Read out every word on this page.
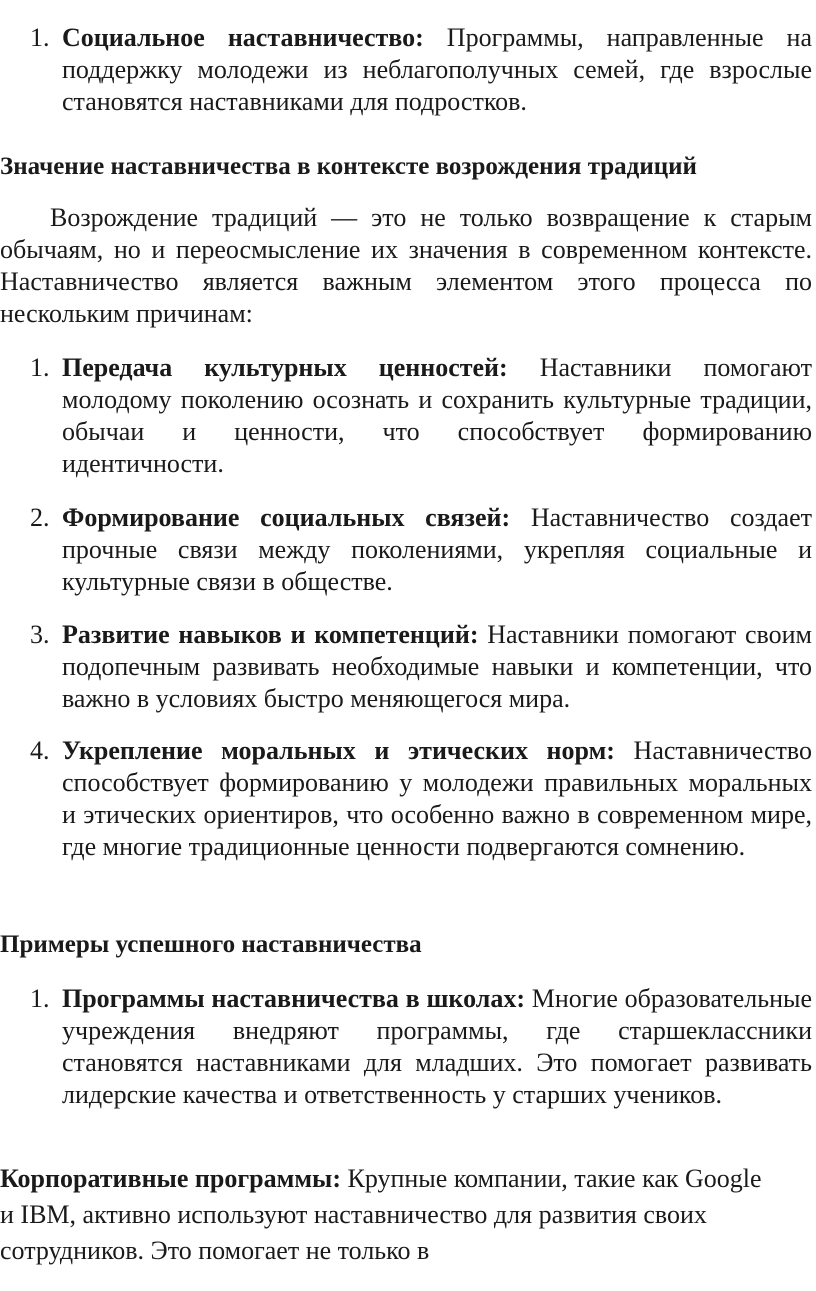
1. Социальное наставничество: Программы, направленные на поддержку молодежи из неблагополучных семей, где взрослые становятся наставниками для подростков.
Значение наставничества в контексте возрождения традиций

Возрождение традиций — это не только возвращение к старым обычаям, но и переосмысление их значения в современном контексте. Наставничество является важным элементом этого процесса по нескольким причинам:

1. Передача культурных ценностей: Наставники помогают молодому поколению осознать и сохранить культурные традиции, обычаи и ценности, что способствует формированию идентичности.
2. Формирование социальных связей: Наставничество создает прочные связи между поколениями, укрепляя социальные и культурные связи в обществе.
3. Развитие навыков и компетенций: Наставники помогают своим подопечным развивать необходимые навыки и компетенции, что важно в условиях быстро меняющегося мира.
4. Укрепление моральных и этических норм: Наставничество способствует формированию у молодежи правильных моральных и этических ориентиров, что особенно важно в современном мире, где многие традиционные ценности подвергаются сомнению.
Примеры успешного наставничества
1. Программы наставничества в школах: Многие образовательные учреждения внедряют программы, где старшеклассники становятся наставниками для младших. Это помогает развивать лидерские качества и ответственность у старших учеников.

Корпоративные программы: Крупные компании, такие как Google и IBM, активно используют наставничество для развития своих сотрудников. Это помогает не только в
